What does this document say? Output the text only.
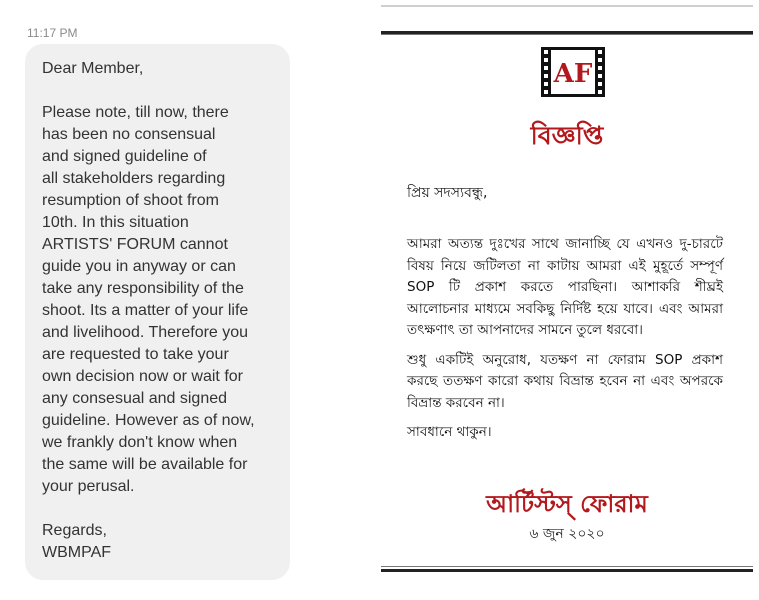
11:17 PM

Dear Member,

Please note, till now, there
has been no consensual
and signed guideline of
all stakeholders regarding
resumption of shoot from
10th. In this situation
ARTISTS' FORUM cannot
guide you in anyway or can
take any responsibility of the
shoot. Its a matter of your life
and livelihood. Therefore you
are requested to take your
own decision now or wait for
any consesual and signed
guideline. However as of now,
we frankly don't know when
the same will be available for
your perusal.

Regards,
WBMPAF

AF
বিজ্ঞপ্তি
প্রিয় সদস্যবন্ধু,

আমরা অত্যন্ত দুঃখের সাথে জানাচ্ছি যে এখনও দু-চারটে বিষয় নিয়ে জটিলতা না কাটায় আমরা এই মুহূর্তে সম্পূর্ণ SOP টি প্রকাশ করতে পারছিনা। আশাকরি শীঘ্রই আলোচনার মাধ্যমে সবকিছু নির্দিষ্ট হয়ে যাবে। এবং আমরা তৎক্ষণাৎ তা আপনাদের সামনে তুলে ধরবো।

শুধু একটিই অনুরোধ, যতক্ষণ না ফোরাম SOP প্রকাশ করছে ততক্ষণ কারো কথায় বিভ্রান্ত হবেন না এবং অপরকে বিভ্রান্ত করবেন না।

সাবধানে থাকুন।

আর্টিস্টস্ ফোরাম
৬ জুন ২০২০
